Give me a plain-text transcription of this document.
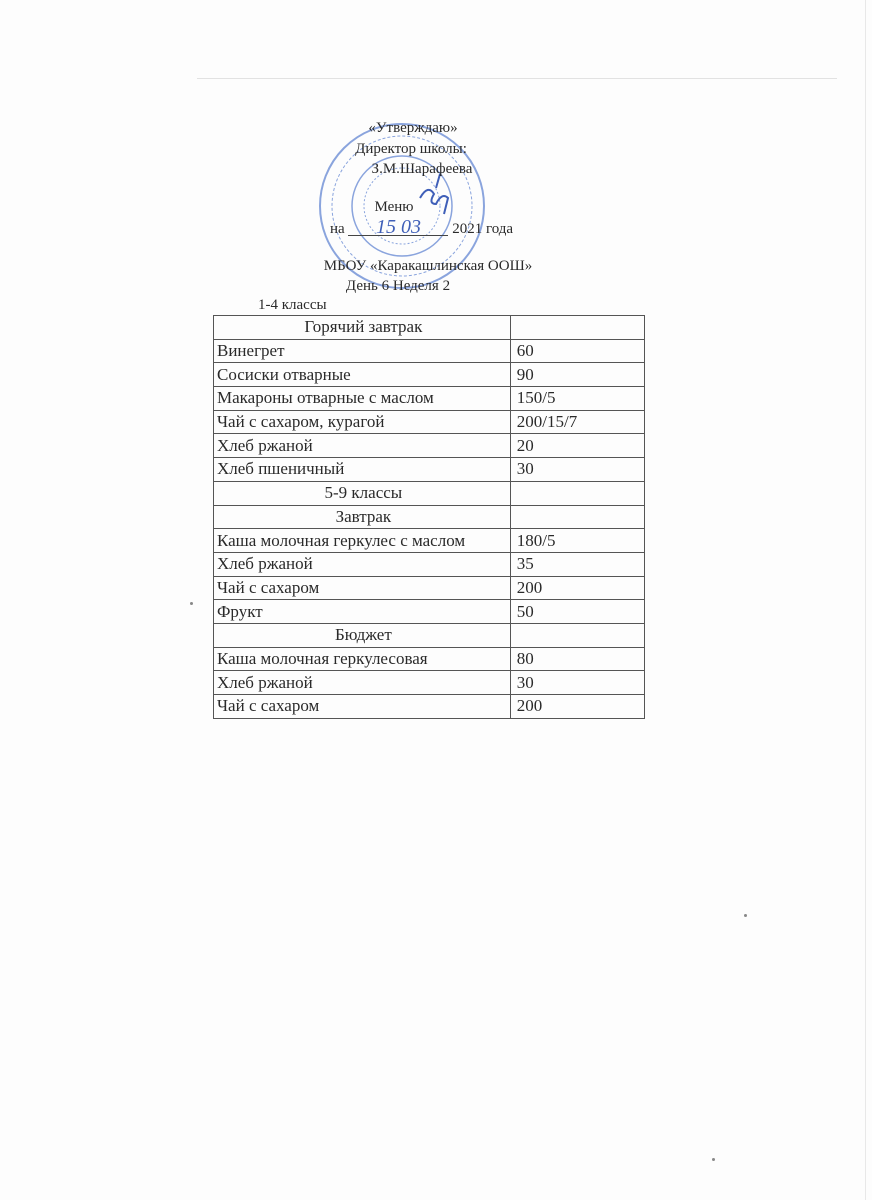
«Утверждаю»
Директор школы:
З.М.Шарафеева
Меню
на 15 03 2021 года
МБОУ «Каракашлинская ООШ»
День 6 Неделя 2
1-4 классы
Горячий завтрак	
Винегрет	60
Сосиски отварные	90
Макароны отварные с маслом	150/5
Чай с сахаром, курагой	200/15/7
Хлеб ржаной	20
Хлеб пшеничный	30
5-9 классы	
Завтрак	
Каша молочная геркулес с маслом	180/5
Хлеб ржаной	35
Чай с сахаром	200
Фрукт	50
Бюджет	
Каша молочная геркулесовая	80
Хлеб ржаной	30
Чай с сахаром	200
